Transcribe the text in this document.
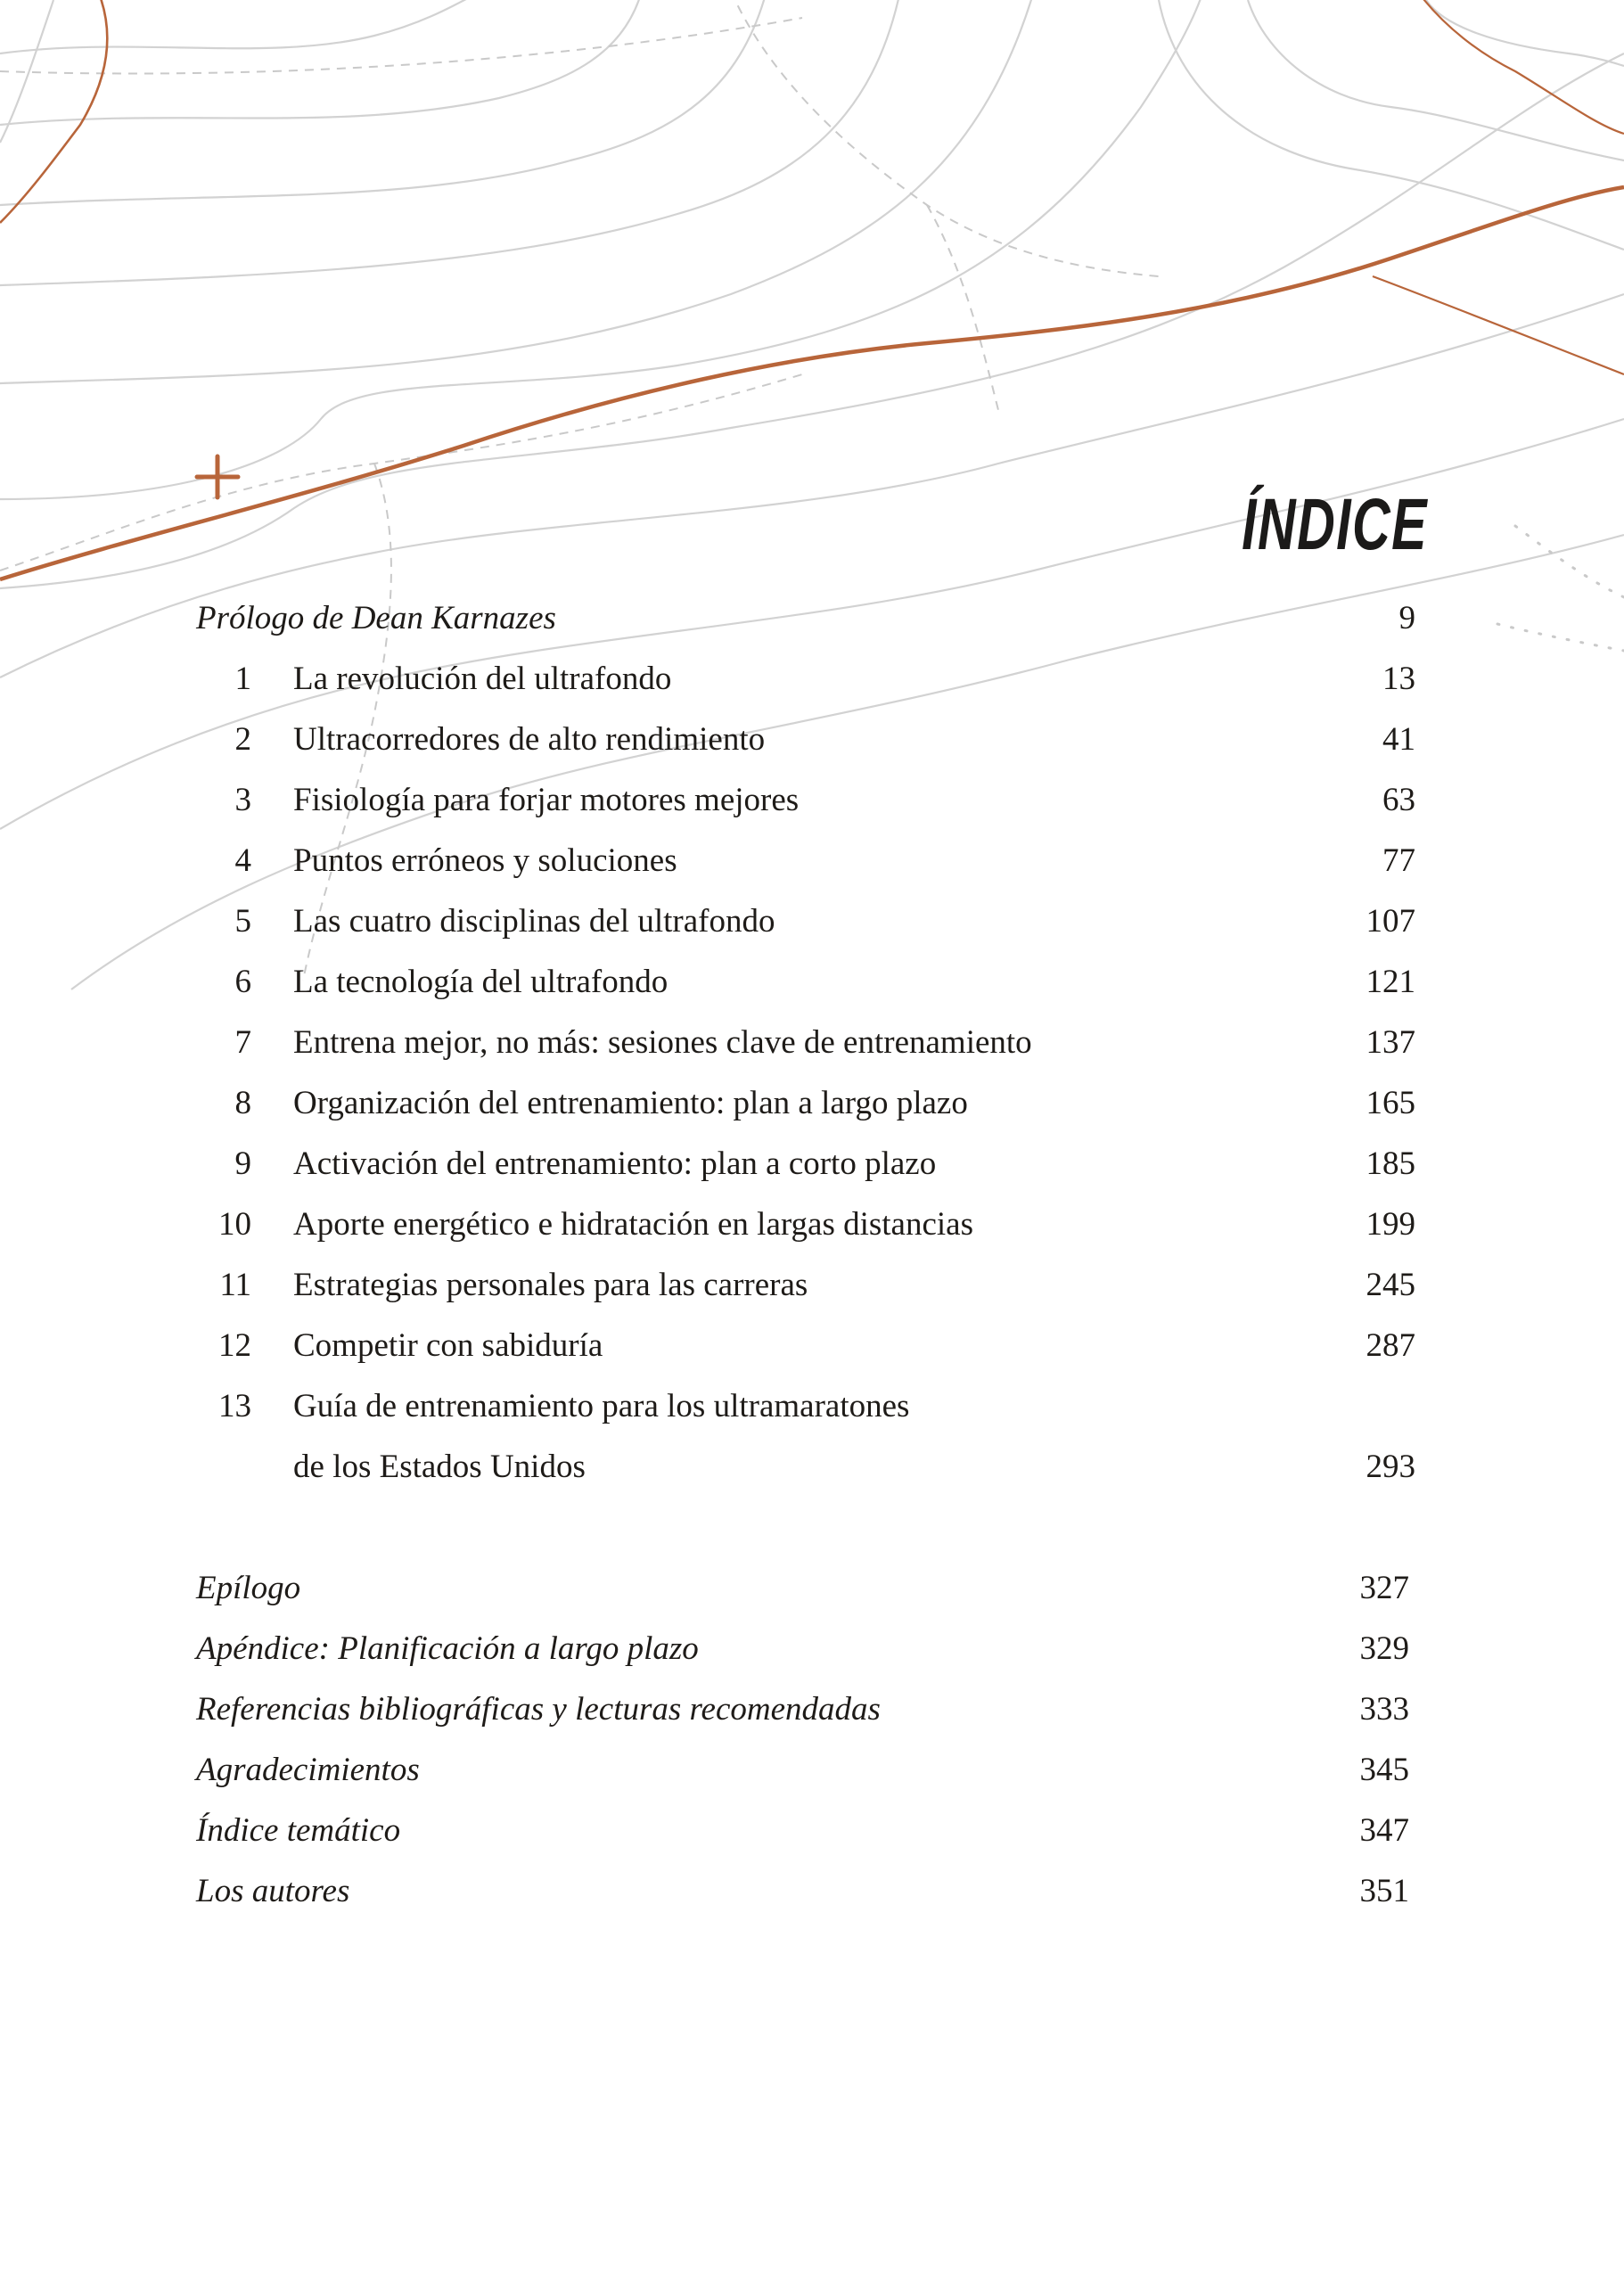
ÍNDICE
Prólogo de Dean Karnazes	9
1 La revolución del ultrafondo	13
2 Ultracorredores de alto rendimiento	41
3 Fisiología para forjar motores mejores	63
4 Puntos erróneos y soluciones	77
5 Las cuatro disciplinas del ultrafondo	107
6 La tecnología del ultrafondo	121
7 Entrena mejor, no más: sesiones clave de entrenamiento	137
8 Organización del entrenamiento: plan a largo plazo	165
9 Activación del entrenamiento: plan a corto plazo	185
10 Aporte energético e hidratación en largas distancias	199
11 Estrategias personales para las carreras	245
12 Competir con sabiduría	287
13 Guía de entrenamiento para los ultramaratones
de los Estados Unidos	293
Epílogo	327
Apéndice: Planificación a largo plazo	329
Referencias bibliográficas y lecturas recomendadas	333
Agradecimientos	345
Índice temático	347
Los autores	351
